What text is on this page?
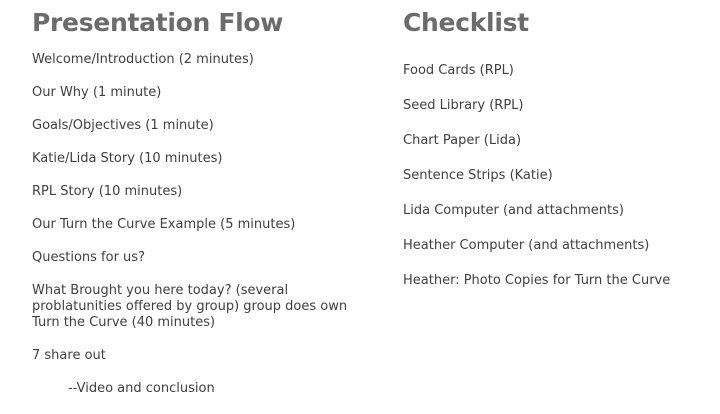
Presentation Flow
Welcome/Introduction (2 minutes)
Our Why (1 minute)
Goals/Objectives (1 minute)
Katie/Lida Story (10 minutes)
RPL Story (10 minutes)
Our Turn the Curve Example (5 minutes)
Questions for us?
What Brought you here today? (several problatunities offered by group) group does own Turn the Curve (40 minutes)
7 share out
--Video and conclusion
Checklist
Food Cards (RPL)
Seed Library (RPL)
Chart Paper (Lida)
Sentence Strips (Katie)
Lida Computer (and attachments)
Heather Computer (and attachments)
Heather: Photo Copies for Turn the Curve
